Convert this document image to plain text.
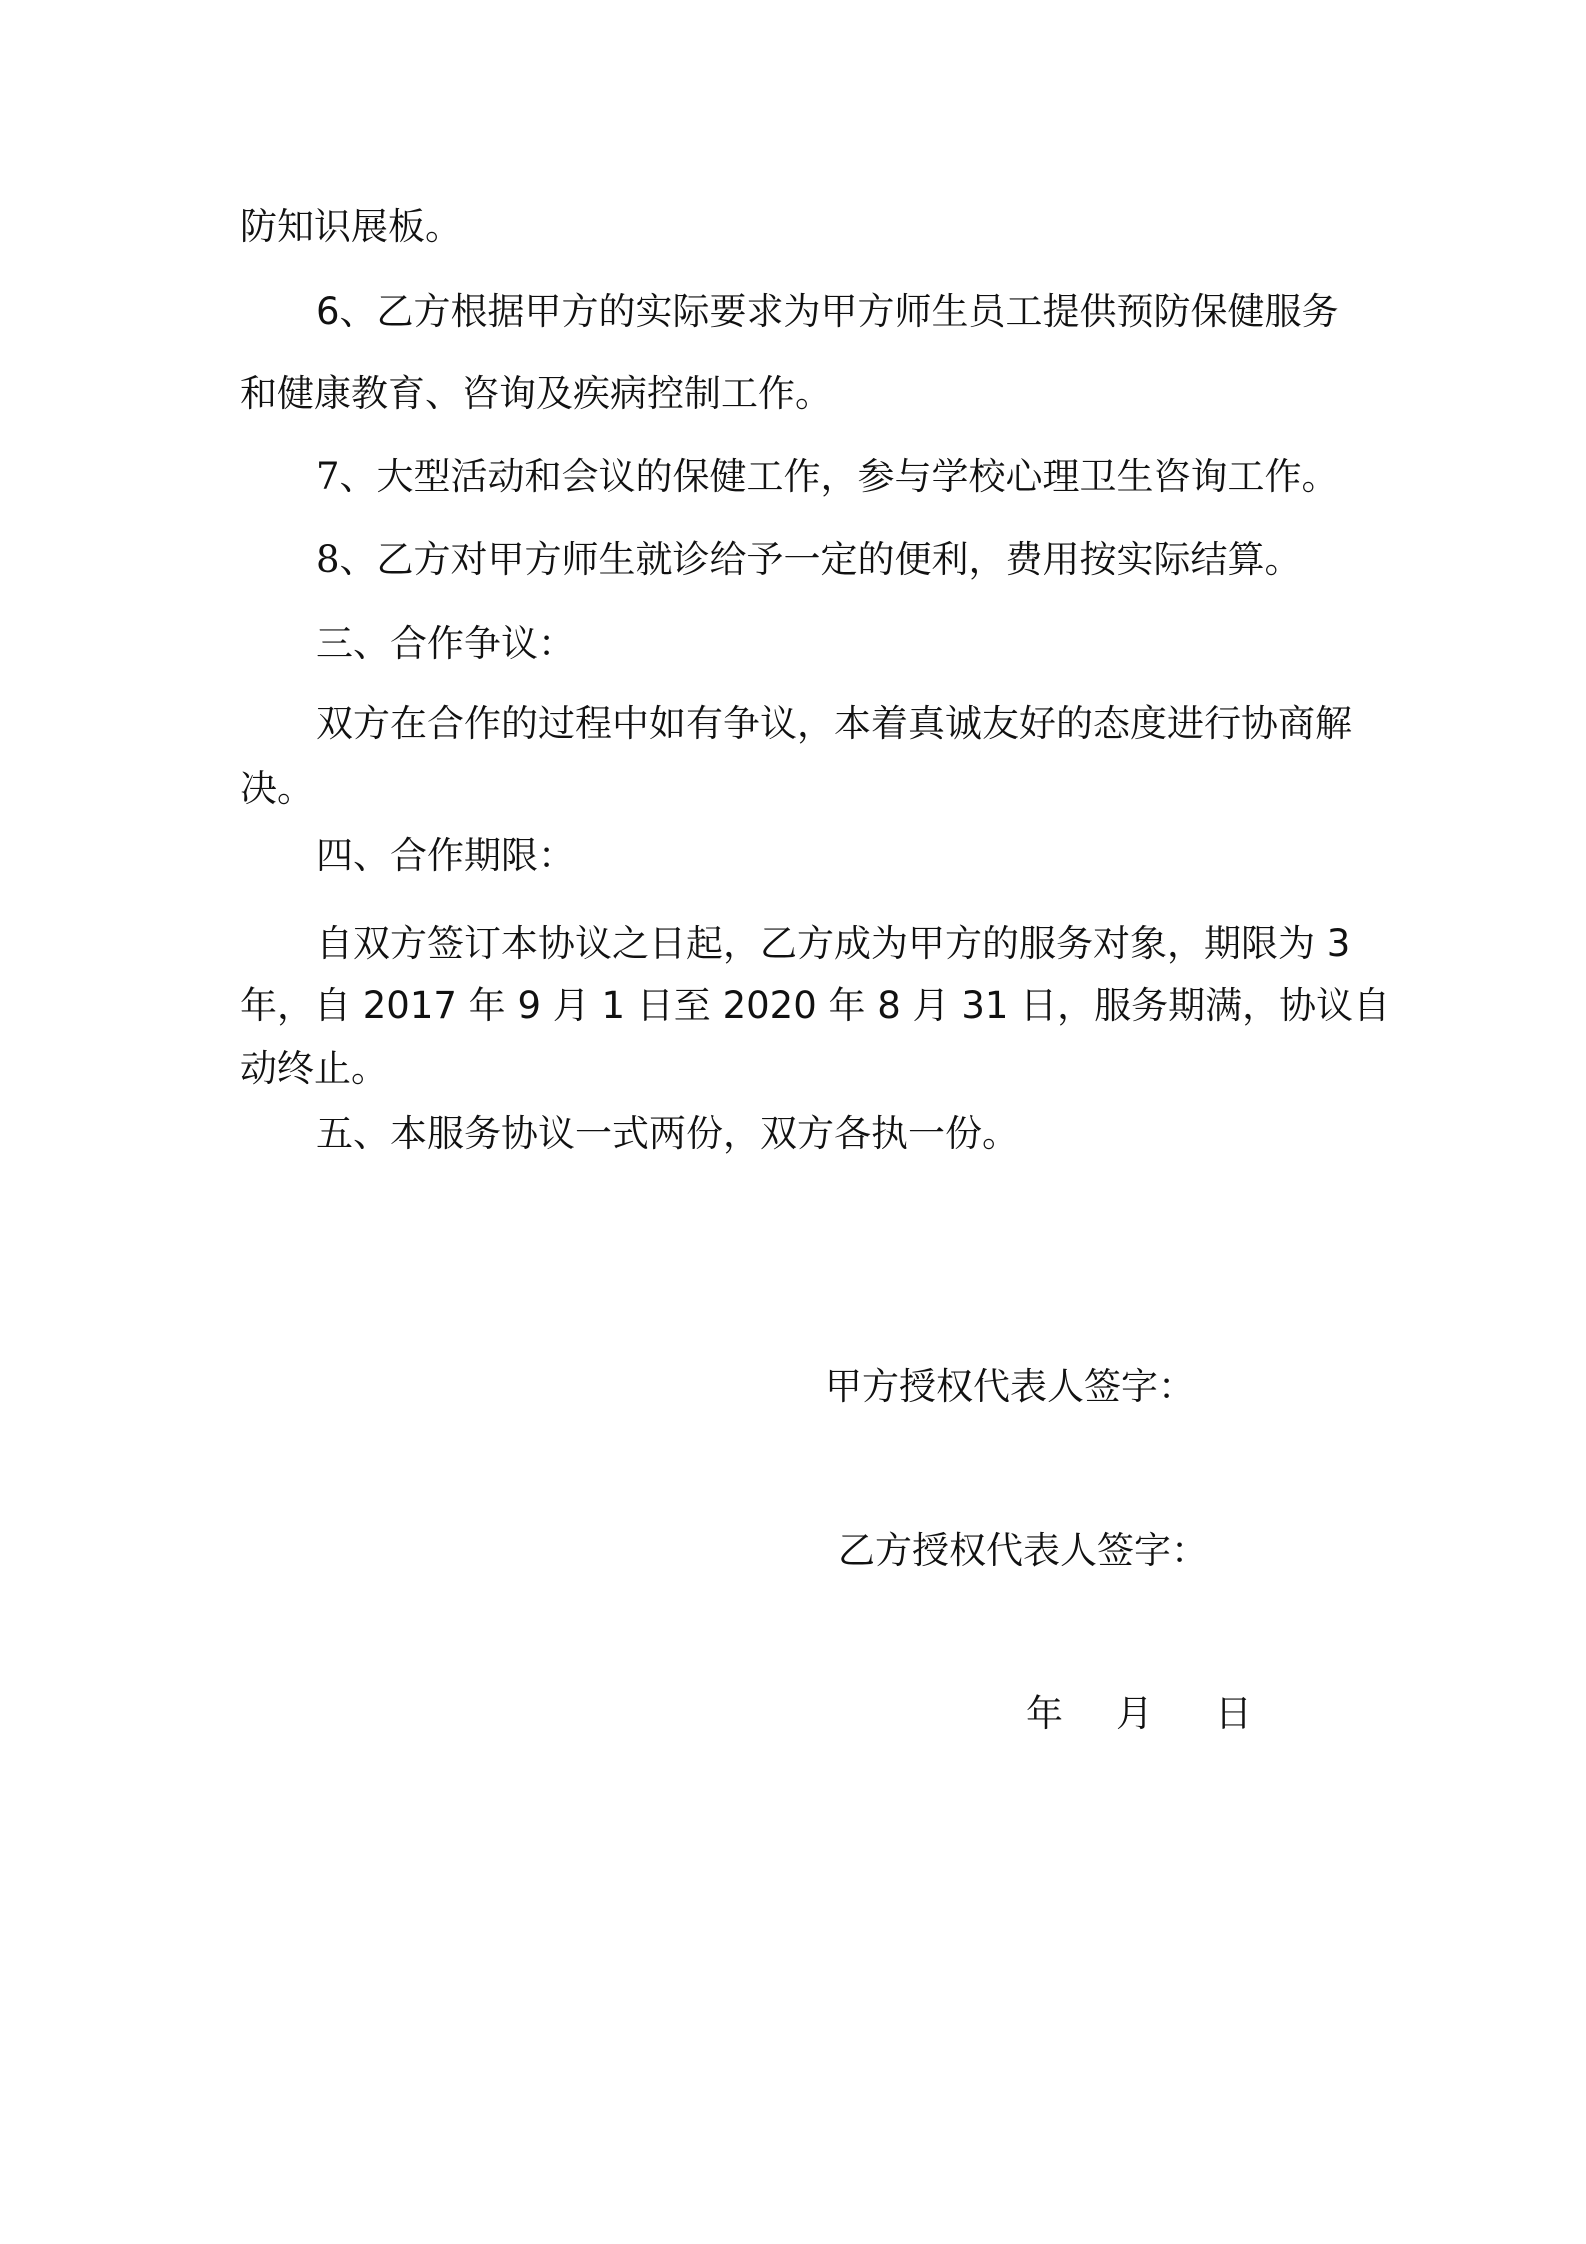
防知识展板。
6、乙方根据甲方的实际要求为甲方师生员工提供预防保健服务
和健康教育、咨询及疾病控制工作。
7、大型活动和会议的保健工作，参与学校心理卫生咨询工作。
8、乙方对甲方师生就诊给予一定的便利，费用按实际结算。
三、合作争议：
双方在合作的过程中如有争议，本着真诚友好的态度进行协商解
决。
四、合作期限：
自双方签订本协议之日起，乙方成为甲方的服务对象，期限为 3
年，自 2017 年 9 月 1 日至 2020 年 8 月 31 日，服务期满，协议自
动终止。
五、本服务协议一式两份，双方各执一份。
甲方授权代表人签字：
乙方授权代表人签字：
年 月 日
